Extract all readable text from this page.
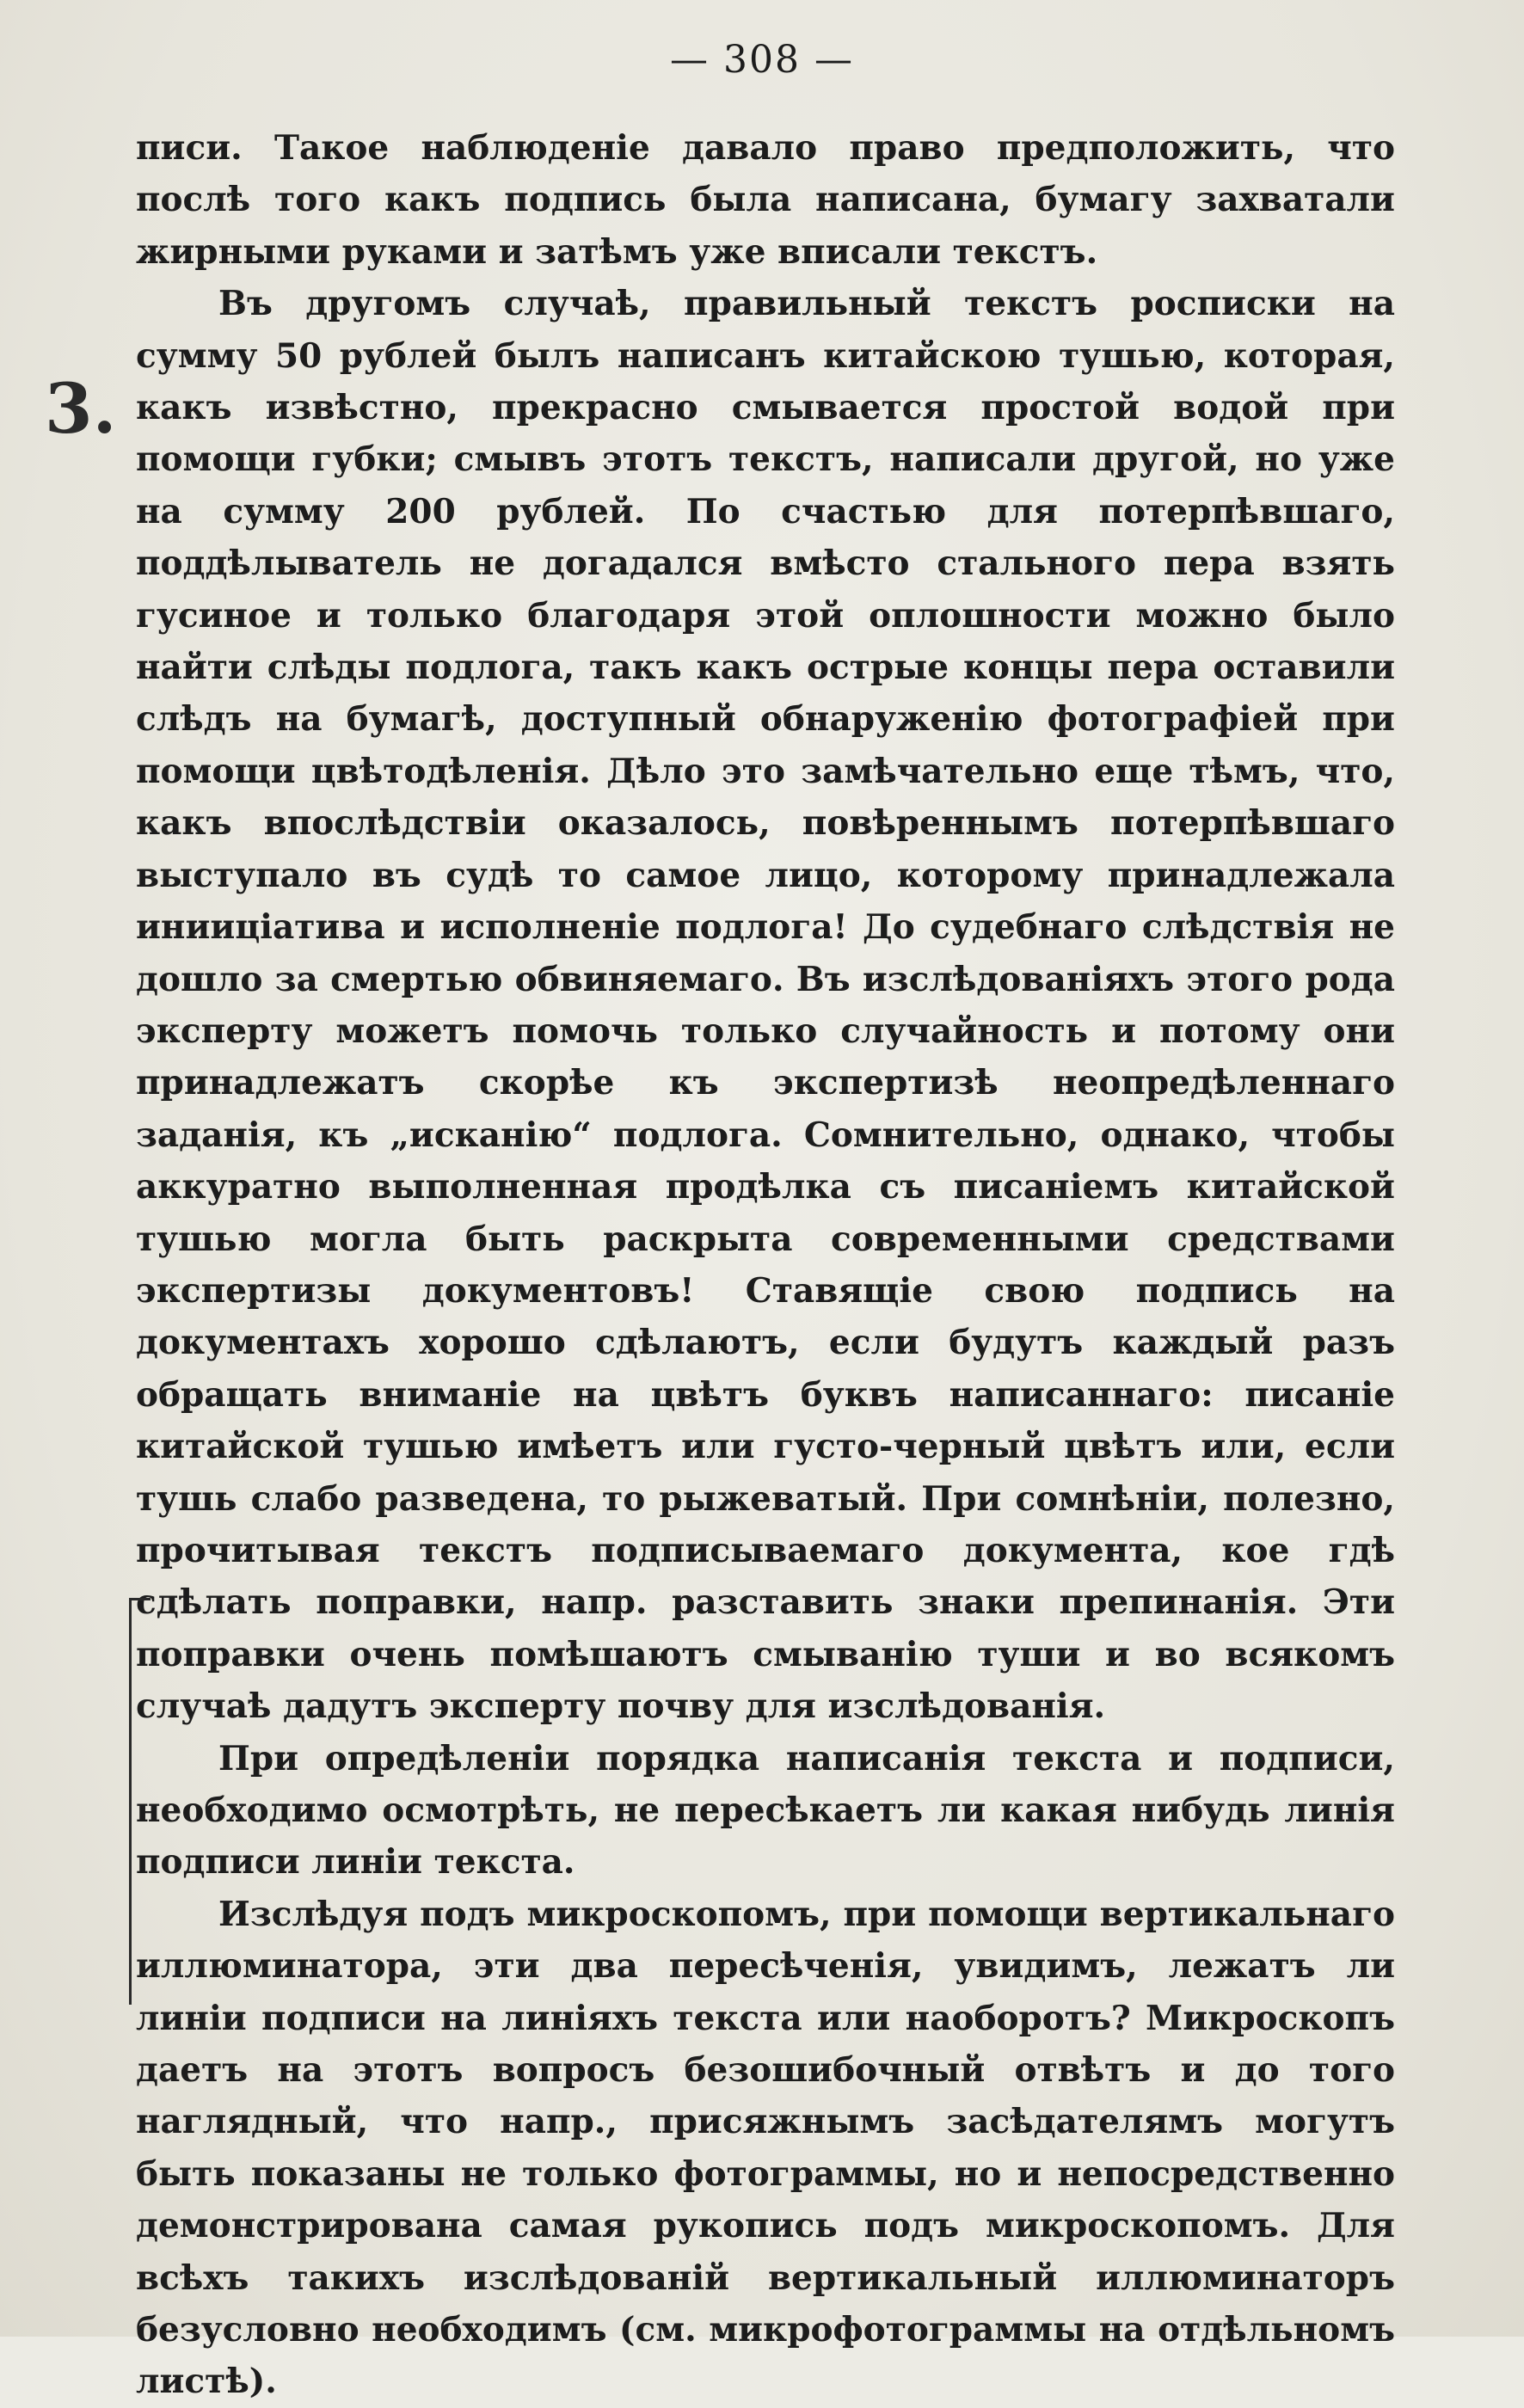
— 308 —
3.

писи. Такое наблюденіе давало право предположить, что послѣ того какъ подпись была написана, бумагу захватали жирными руками и затѣмъ уже вписали текстъ.

Въ другомъ случаѣ, правильный текстъ росписки на сумму 50 рублей былъ написанъ китайскою тушью, которая, какъ извѣстно, прекрасно смывается простой водой при помощи губки; смывъ этотъ текстъ, написали другой, но уже на сумму 200 рублей. По счастью для потерпѣвшаго, поддѣлыватель не догадался вмѣсто стального пера взять гусиное и только благодаря этой оплошности можно было найти слѣды подлога, такъ какъ острые концы пера оставили слѣдъ на бумагѣ, доступный обнаруженію фотографіей при помощи цвѣтодѣленія. Дѣло это замѣчательно еще тѣмъ, что, какъ впослѣдствіи оказалось, повѣреннымъ потерпѣвшаго выступало въ судѣ то самое лицо, которому принадлежала инииціатива и исполненіе подлога! До судебнаго слѣдствія не дошло за смертью обвиняемаго. Въ изслѣдованіяхъ этого рода эксперту можетъ помочь только случайность и потому они принадлежатъ скорѣе къ экспертизѣ неопредѣленнаго заданія, къ „исканію“ подлога. Сомнительно, однако, чтобы аккуратно выполненная продѣлка съ писаніемъ китайской тушью могла быть раскрыта современными средствами экспертизы документовъ! Ставящіе свою подпись на документахъ хорошо сдѣлаютъ, если будутъ каждый разъ обращать вниманіе на цвѣтъ буквъ написаннаго: писаніе китайской тушью имѣетъ или густо-черный цвѣтъ или, если тушь слабо разведена, то рыжеватый. При сомнѣніи, полезно, прочитывая текстъ подписываемаго документа, кое гдѣ сдѣлать поправки, напр. разставить знаки препинанія. Эти поправки очень помѣшаютъ смыванію туши и во всякомъ случаѣ дадутъ эксперту почву для изслѣдованія.

При опредѣленіи порядка написанія текста и подписи, необходимо осмотрѣть, не пересѣкаетъ ли какая нибудь линія подписи линіи текста.

Изслѣдуя подъ микроскопомъ, при помощи вертикальнаго иллюминатора, эти два пересѣченія, увидимъ, лежатъ ли линіи подписи на линіяхъ текста или наоборотъ? Микроскопъ даетъ на этотъ вопросъ безошибочный отвѣтъ и до того наглядный, что напр., присяжнымъ засѣдателямъ могутъ быть показаны не только фотограммы, но и непосредственно демонстрирована самая рукопись подъ микроскопомъ. Для всѣхъ такихъ изслѣдованій вертикальный иллюминаторъ безусловно необходимъ (см. микрофотограммы на отдѣльномъ листѣ).
